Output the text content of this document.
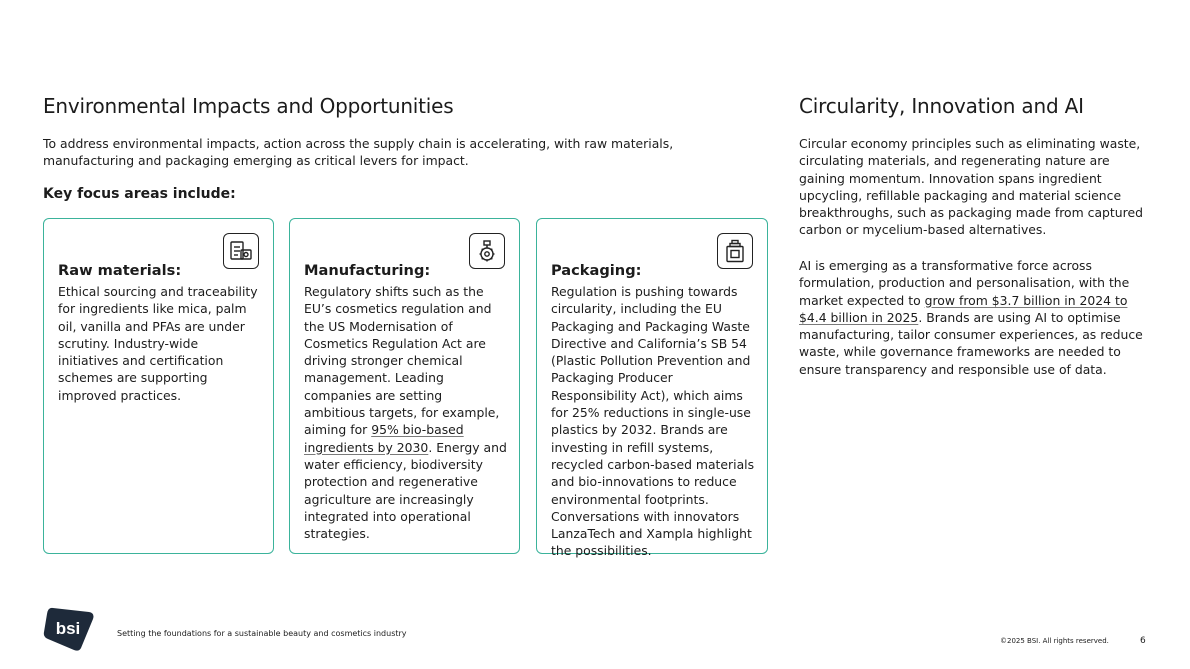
Environmental Impacts and Opportunities

To address environmental impacts, action across the supply chain is accelerating, with raw materials, manufacturing and packaging emerging as critical levers for impact.

Key focus areas include:

Raw materials:

Ethical sourcing and traceability for ingredients like mica, palm oil, vanilla and PFAs are under scrutiny. Industry-wide initiatives and certification schemes are supporting improved practices.

Manufacturing:

Regulatory shifts such as the EU’s cosmetics regulation and the US Modernisation of Cosmetics Regulation Act are driving stronger chemical management. Leading companies are setting ambitious targets, for example, aiming for 95% bio-based ingredients by 2030. Energy and water efficiency, biodiversity protection and regenerative agriculture are increasingly integrated into operational strategies.

Packaging:

Regulation is pushing towards circularity, including the EU Packaging and Packaging Waste Directive and California’s SB 54 (Plastic Pollution Prevention and Packaging Producer Responsibility Act), which aims for 25% reductions in single-use plastics by 2032. Brands are investing in refill systems, recycled carbon-based materials and bio-innovations to reduce environmental footprints. Conversations with innovators LanzaTech and Xampla highlight the possibilities.

Circularity, Innovation and AI

Circular economy principles such as eliminating waste, circulating materials, and regenerating nature are gaining momentum. Innovation spans ingredient upcycling, refillable packaging and material science breakthroughs, such as packaging made from captured carbon or mycelium-based alternatives.

AI is emerging as a transformative force across formulation, production and personalisation, with the market expected to grow from $3.7 billion in 2024 to $4.4 billion in 2025. Brands are using AI to optimise manufacturing, tailor consumer experiences, as reduce waste, while governance frameworks are needed to ensure transparency and responsible use of data.

bsi	Setting the foundations for a sustainable beauty and cosmetics industry
©2025 BSI. All rights reserved.	6
